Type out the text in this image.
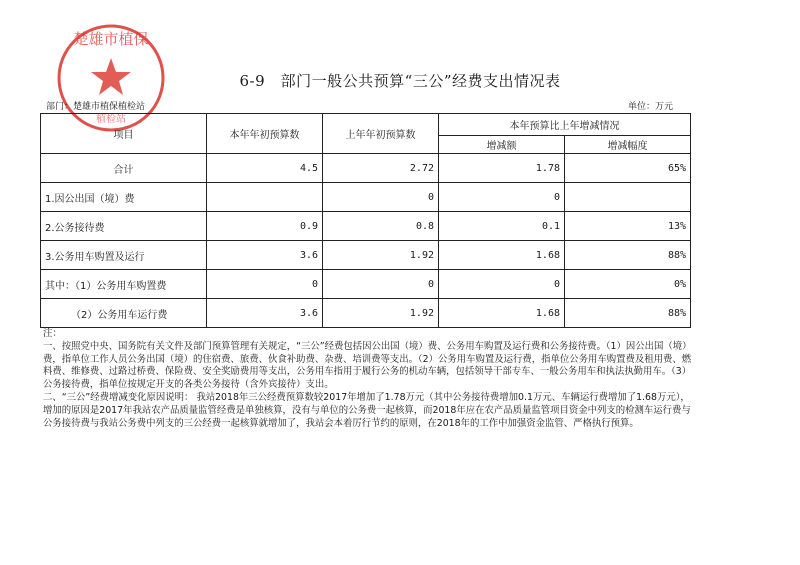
楚雄市植保
植检站
6-9　部门一般公共预算“三公”经费支出情况表
部门：楚雄市植保植检站	单位：万元
项目	本年年初预算数	上年年初预算数	本年预算比上年增减情况	
			增减额	增减幅度
合计	4.5	2.72	1.78	65%
1.因公出国（境）费		0	0	
2.公务接待费	0.9	0.8	0.1	13%
3.公务用车购置及运行	3.6	1.92	1.68	88%
其中：（1）公务用车购置费	0	0	0	0%
（2）公务用车运行费	3.6	1.92	1.68	88%

注：

一、按照党中央、国务院有关文件及部门预算管理有关规定，“三公”经费包括因公出国（境）费、公务用车购置及运行费和公务接待费。（1）因公出国（境）费，指单位工作人员公务出国（境）的住宿费、旅费、伙食补助费、杂费、培训费等支出。（2）公务用车购置及运行费，指单位公务用车购置费及租用费、燃料费、维修费、过路过桥费、保险费、安全奖励费用等支出，公务用车指用于履行公务的机动车辆，包括领导干部专车、一般公务用车和执法执勤用车。（3）公务接待费，指单位按规定开支的各类公务接待（含外宾接待）支出。

二、“三公”经费增减变化原因说明： 我站2018年三公经费预算数较2017年增加了1.78万元（其中公务接待费增加0.1万元、车辆运行费增加了1.68万元），增加的原因是2017年我站农产品质量监管经费是单独核算，没有与单位的公务费一起核算，而2018年应在农产品质量监管项目资金中列支的检测车运行费与公务接待费与我站公务费中列支的三公经费一起核算就增加了，我站会本着厉行节约的原则，在2018年的工作中加强资金监管、严格执行预算。
